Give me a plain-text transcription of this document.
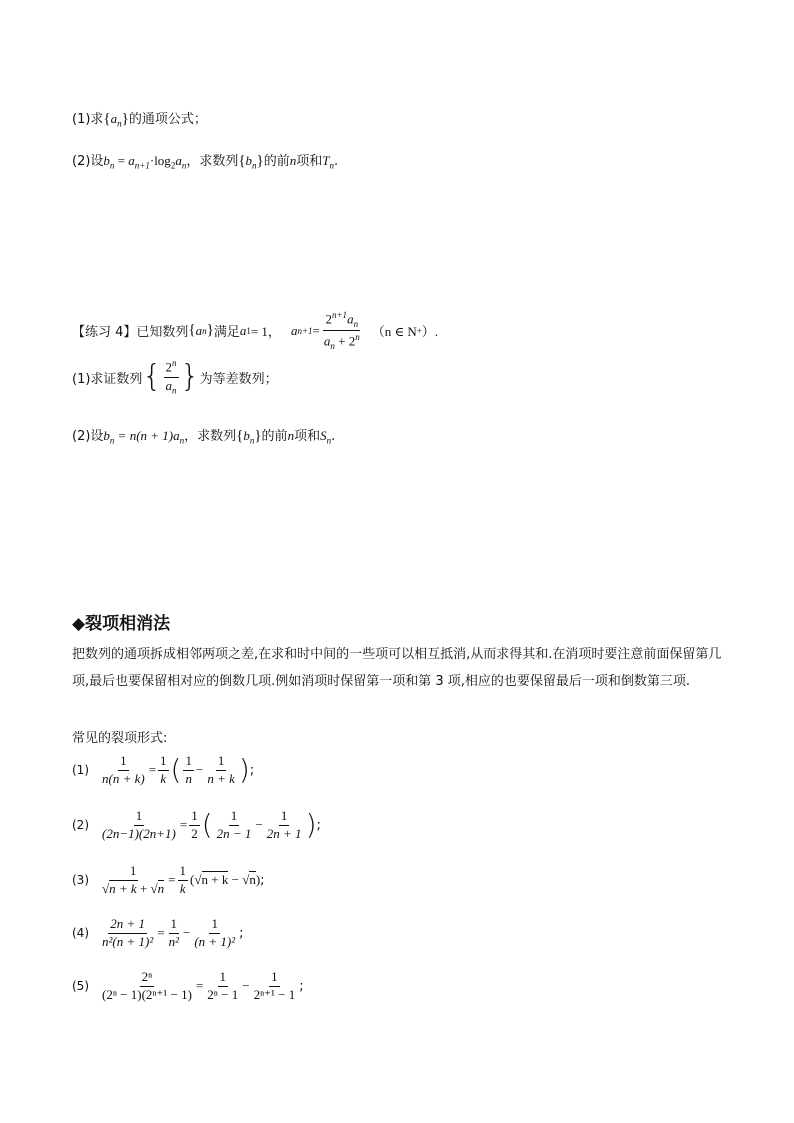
(1)求$\{a_n\}$的通项公式；
(2)设$b_n = a_{n+1}\cdot\log_2a_n$，求数列$\{b_n\}$的前n项和$T_n$.
【练习 4】 已知数列 { a n } 满足 a 1 = 1， a $n+1 = \frac{2^{n+1}a_n}{a_n + 2^n} (n$ ∈ N + ）.
(1)求证数列 { $\frac{2^n}{a_n}$ } 为等差数列；
(2)设$b_n = n(n + 1)a_n$，求数列$\{b_n\}$的前n项和$S_n$.
◆裂项相消法
把数列的通项拆成相邻两项之差,在求和时中间的一些项可以相互抵消,从而求得其和.在消项时要注意前面保留第几项,最后也要保留相对应的倒数几项.例如消项时保留第一项和第 3 项,相应的也要保留最后一项和倒数第三项.
常见的裂项形式:
$(1) \frac{1}{n(n + k)} = \frac{1}{k}$ ( $\frac{1}{n} - \frac{1}{n + k}$ ) ;
$(2) \frac{1}{(2n-1)(2n+1)} = \frac{1}{2}$ ( $\frac{1}{2n - 1} - \frac{1}{2n + 1}$ ) ;
$(3) \frac{1}{√n + k + √n} = \frac{1}{k} (√n + k - √n)$ ;
$(4) \frac{2n + 1}{\text{n²(n + 1)²}} = \frac{1}{\text{n²}} - \frac{1}{\text{(n + 1)²}}$ ;
$(5) \frac{\text{2ⁿ}}{\text{(2ⁿ − 1)(2ⁿ⁺¹ − 1)}} = \frac{1}{\text{2ⁿ − 1}} - \frac{1}{\text{2ⁿ⁺¹ − 1}}$ ;
